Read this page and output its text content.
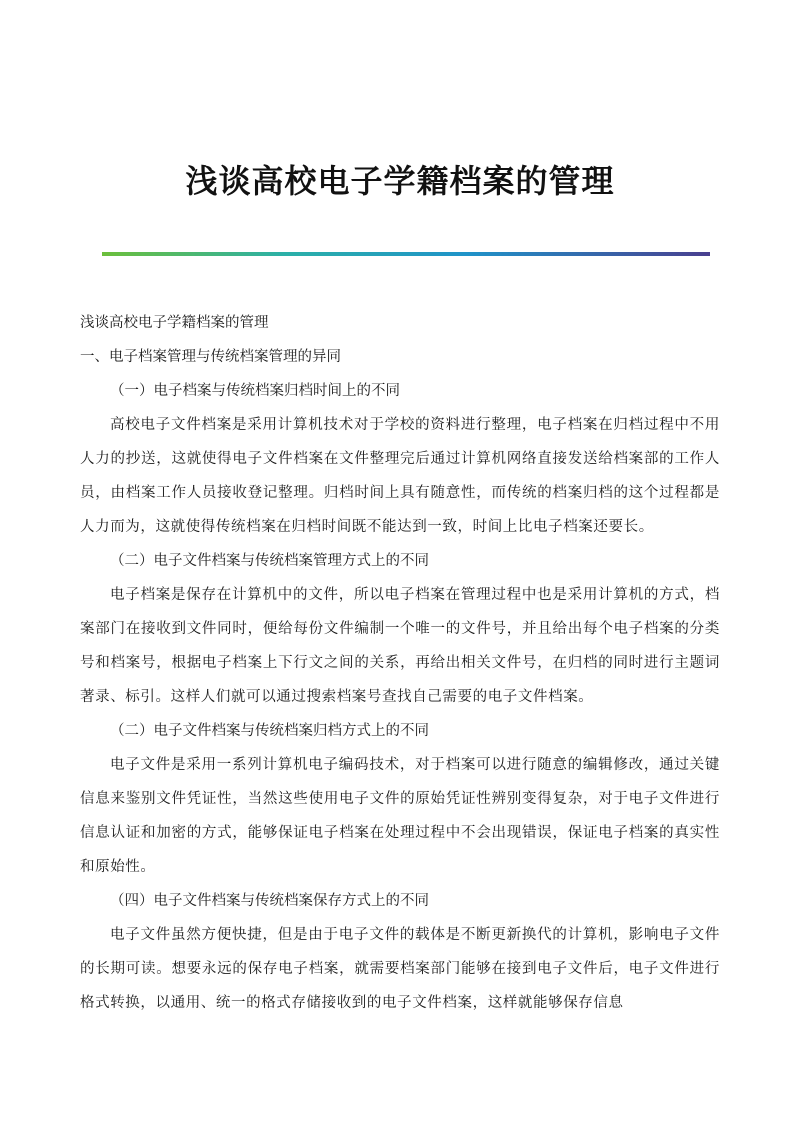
浅谈高校电子学籍档案的管理

浅谈高校电子学籍档案的管理

一、电子档案管理与传统档案管理的异同

（一）电子档案与传统档案归档时间上的不同

高校电子文件档案是采用计算机技术对于学校的资料进行整理，电子档案在归档过程中不用人力的抄送，这就使得电子文件档案在文件整理完后通过计算机网络直接发送给档案部的工作人员，由档案工作人员接收登记整理。归档时间上具有随意性，而传统的档案归档的这个过程都是人力而为，这就使得传统档案在归档时间既不能达到一致，时间上比电子档案还要长。

（二）电子文件档案与传统档案管理方式上的不同

电子档案是保存在计算机中的文件，所以电子档案在管理过程中也是采用计算机的方式，档案部门在接收到文件同时，便给每份文件编制一个唯一的文件号，并且给出每个电子档案的分类号和档案号，根据电子档案上下行文之间的关系，再给出相关文件号，在归档的同时进行主题词著录、标引。这样人们就可以通过搜索档案号查找自己需要的电子文件档案。

（二）电子文件档案与传统档案归档方式上的不同

电子文件是采用一系列计算机电子编码技术，对于档案可以进行随意的编辑修改，通过关键信息来鉴别文件凭证性，当然这些使用电子文件的原始凭证性辨别变得复杂，对于电子文件进行信息认证和加密的方式，能够保证电子档案在处理过程中不会出现错误，保证电子档案的真实性和原始性。

（四）电子文件档案与传统档案保存方式上的不同

电子文件虽然方便快捷，但是由于电子文件的载体是不断更新换代的计算机，影响电子文件的长期可读。想要永远的保存电子档案，就需要档案部门能够在接到电子文件后，电子文件进行格式转换，以通用、统一的格式存储接收到的电子文件档案，这样就能够保存信息
